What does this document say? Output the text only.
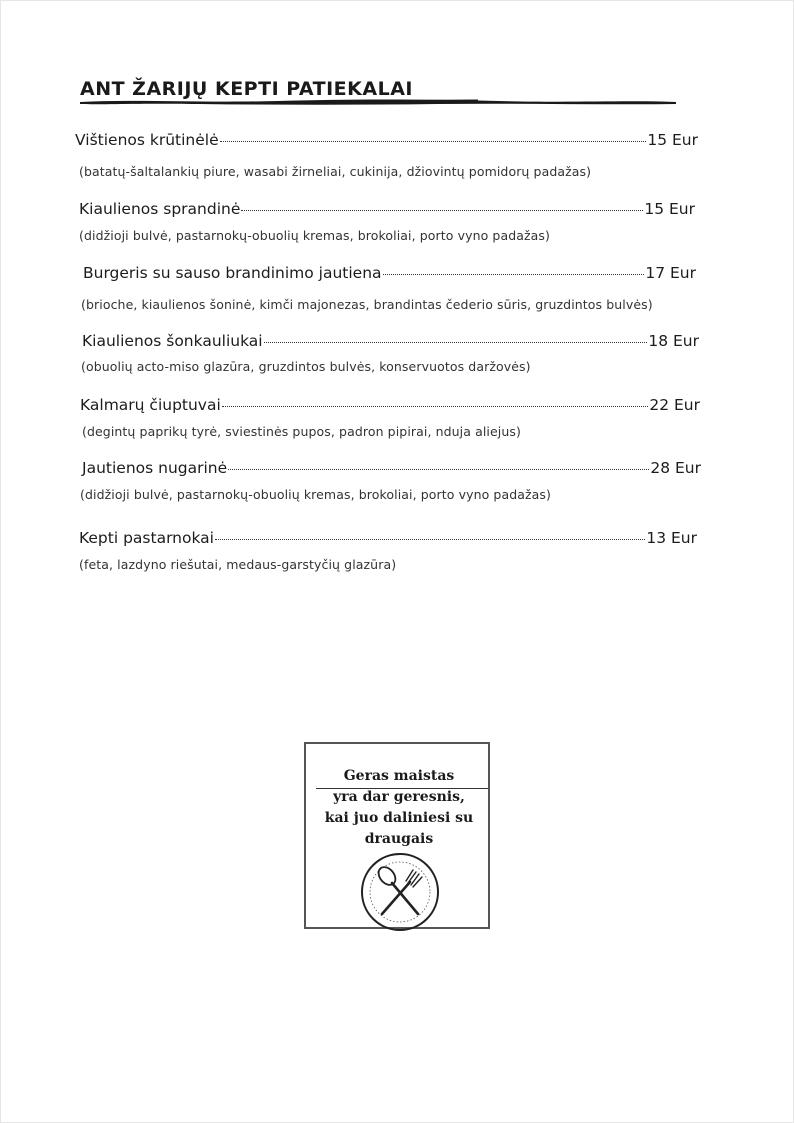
ANT ŽARIJŲ KEPTI PATIEKALAI
Vištienos krūtinėlė	15 Eur
(batatų-šaltalankių piure, wasabi žirneliai, cukinija, džiovintų pomidorų padažas)
Kiaulienos sprandinė	15 Eur
(didžioji bulvė, pastarnokų-obuolių kremas, brokoliai, porto vyno padažas)
Burgeris su sauso brandinimo jautiena	17 Eur
(brioche, kiaulienos šoninė, kimči majonezas, brandintas čederio sūris, gruzdintos bulvės)
Kiaulienos šonkauliukai	18 Eur
(obuolių acto-miso glazūra, gruzdintos bulvės, konservuotos daržovės)
Kalmarų čiuptuvai	22 Eur
(degintų paprikų tyrė, sviestinės pupos, padron pipirai, nduja aliejus)
Jautienos nugarinė	28 Eur
(didžioji bulvė, pastarnokų-obuolių kremas, brokoliai, porto vyno padažas)
Kepti pastarnokai	13 Eur
(feta, lazdyno riešutai, medaus-garstyčių glazūra)
Geras maistas
yra dar geresnis,
kai juo daliniesi su
draugais
